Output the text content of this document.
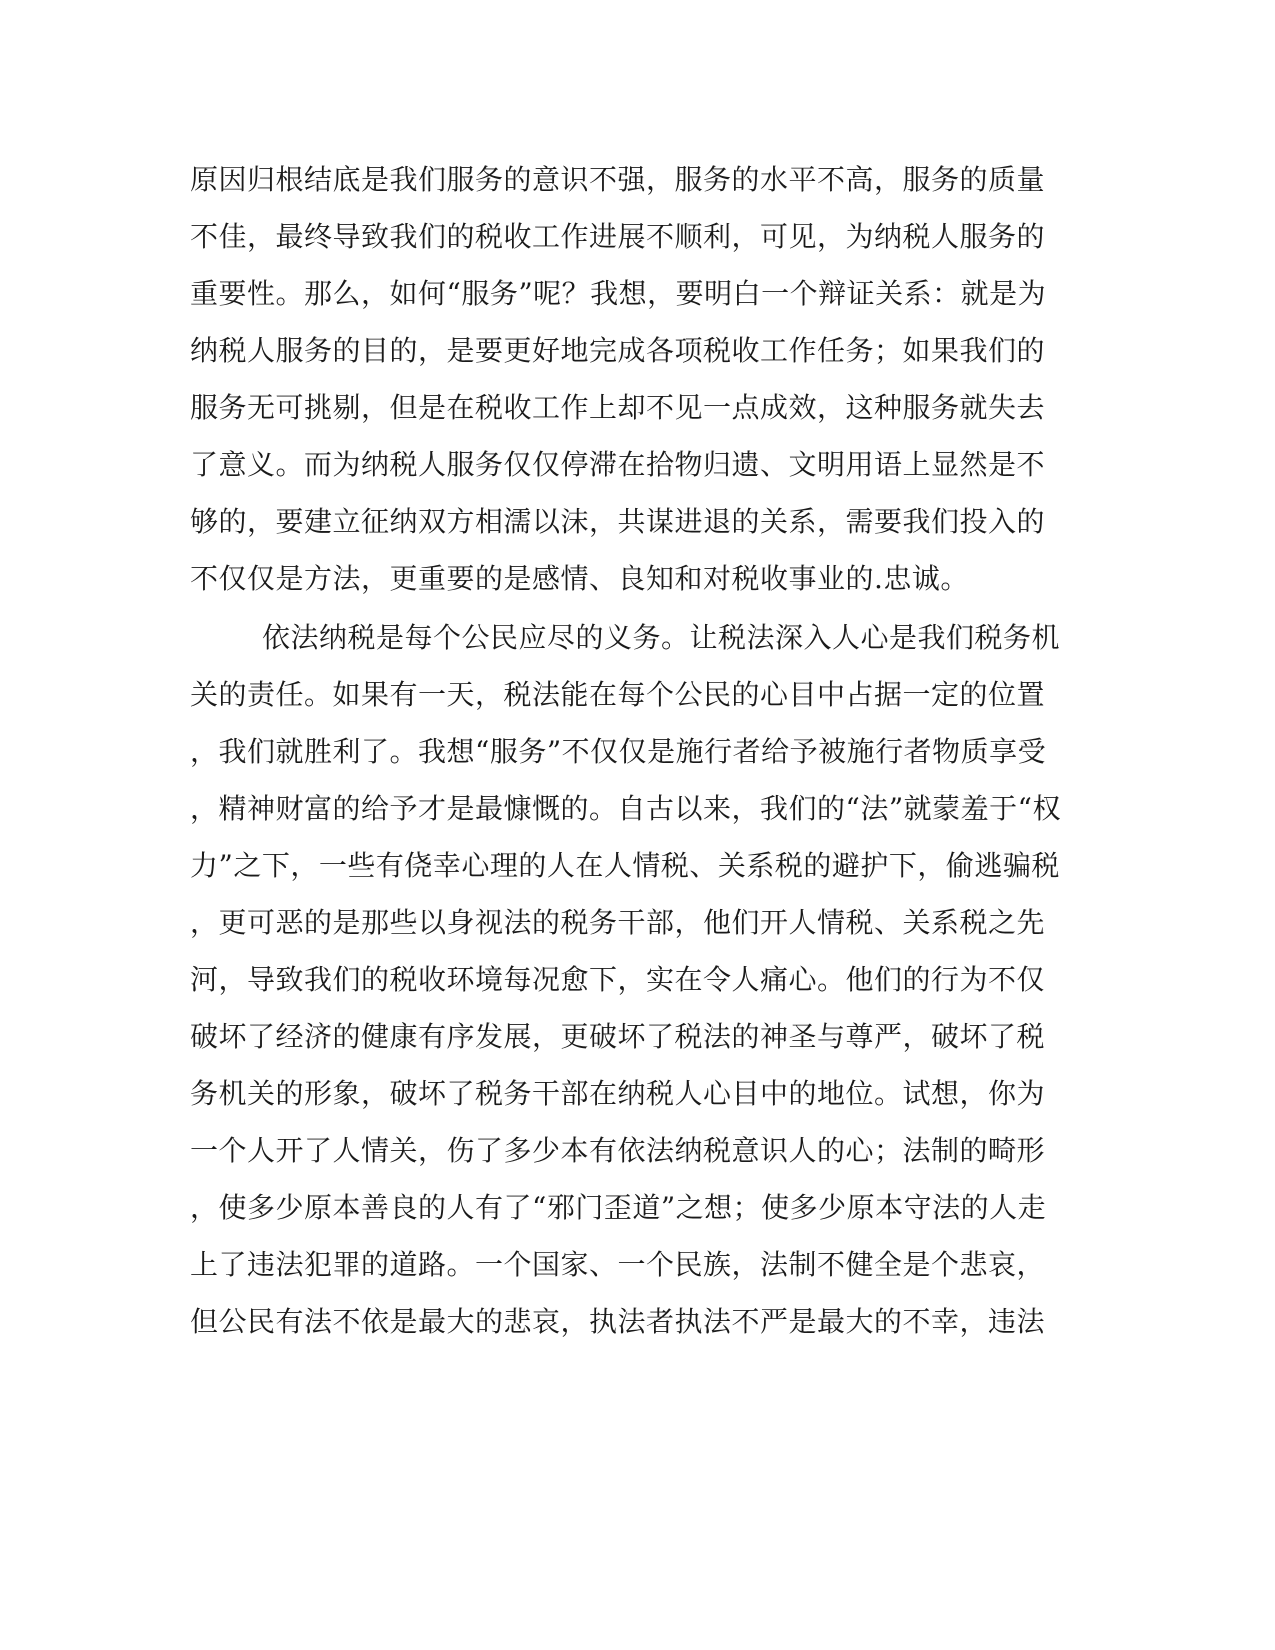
原因归根结底是我们服务的意识不强，服务的水平不高，服务的质量
不佳，最终导致我们的税收工作进展不顺利，可见，为纳税人服务的
重要性。那么，如何“服务”呢？我想，要明白一个辩证关系：就是为
纳税人服务的目的，是要更好地完成各项税收工作任务；如果我们的
服务无可挑剔，但是在税收工作上却不见一点成效，这种服务就失去
了意义。而为纳税人服务仅仅停滞在拾物归遗、文明用语上显然是不
够的，要建立征纳双方相濡以沫，共谋进退的关系，需要我们投入的
不仅仅是方法，更重要的是感情、良知和对税收事业的.忠诚。
依法纳税是每个公民应尽的义务。让税法深入人心是我们税务机
关的责任。如果有一天，税法能在每个公民的心目中占据一定的位置
，我们就胜利了。我想“服务”不仅仅是施行者给予被施行者物质享受
，精神财富的给予才是最慷慨的。自古以来，我们的“法”就蒙羞于“权
力”之下，一些有侥幸心理的人在人情税、关系税的避护下，偷逃骗税
，更可恶的是那些以身视法的税务干部，他们开人情税、关系税之先
河，导致我们的税收环境每况愈下，实在令人痛心。他们的行为不仅
破坏了经济的健康有序发展，更破坏了税法的神圣与尊严，破坏了税
务机关的形象，破坏了税务干部在纳税人心目中的地位。试想，你为
一个人开了人情关，伤了多少本有依法纳税意识人的心；法制的畸形
，使多少原本善良的人有了“邪门歪道”之想；使多少原本守法的人走
上了违法犯罪的道路。一个国家、一个民族，法制不健全是个悲哀，
但公民有法不依是最大的悲哀，执法者执法不严是最大的不幸，违法
